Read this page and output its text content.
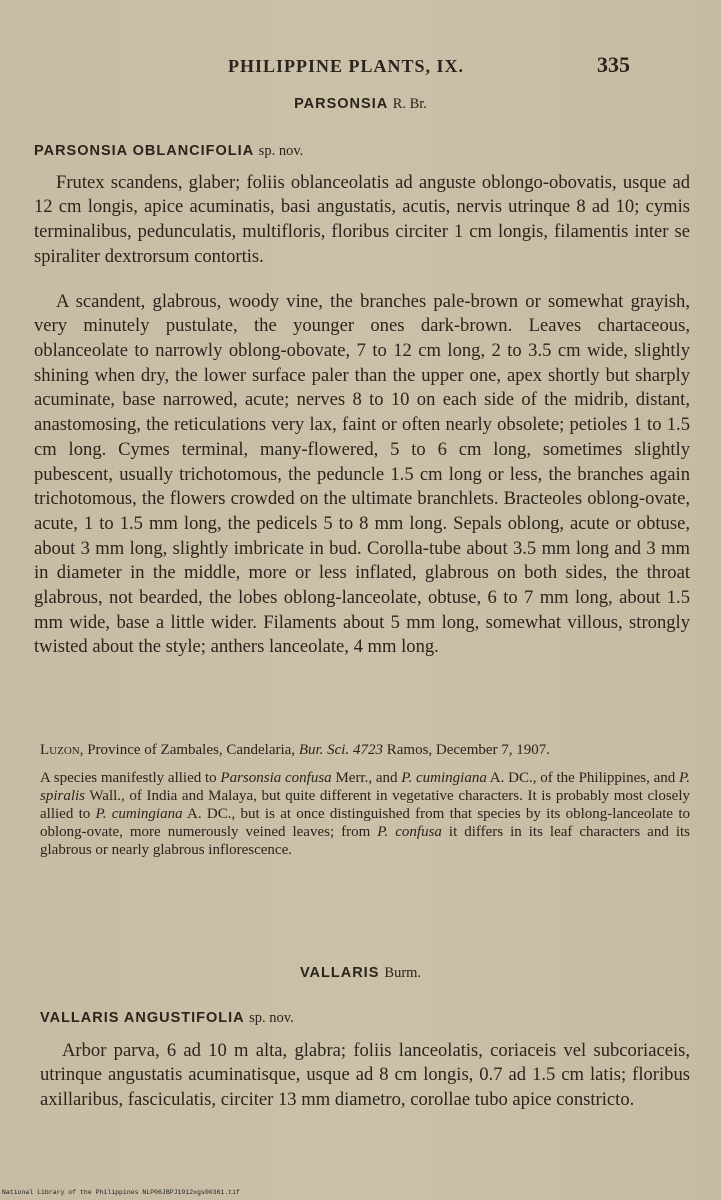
PHILIPPINE PLANTS, IX.	335
PARSONSIA R. Br.
PARSONSIA OBLANCIFOLIA sp. nov.

Frutex scandens, glaber; foliis oblanceolatis ad anguste oblongo-obovatis, usque ad 12 cm longis, apice acuminatis, basi angustatis, acutis, nervis utrinque 8 ad 10; cymis terminalibus, pedunculatis, multifloris, floribus circiter 1 cm longis, filamentis inter se spiraliter dextrorsum contortis.

A scandent, glabrous, woody vine, the branches pale-brown or somewhat grayish, very minutely pustulate, the younger ones dark-brown. Leaves chartaceous, oblanceolate to narrowly oblong-obovate, 7 to 12 cm long, 2 to 3.5 cm wide, slightly shining when dry, the lower surface paler than the upper one, apex shortly but sharply acuminate, base narrowed, acute; nerves 8 to 10 on each side of the midrib, distant, anastomosing, the reticulations very lax, faint or often nearly obsolete; petioles 1 to 1.5 cm long. Cymes terminal, many-flowered, 5 to 6 cm long, sometimes slightly pubescent, usually trichotomous, the peduncle 1.5 cm long or less, the branches again trichotomous, the flowers crowded on the ultimate branchlets. Bracteoles oblong-ovate, acute, 1 to 1.5 mm long, the pedicels 5 to 8 mm long. Sepals oblong, acute or obtuse, about 3 mm long, slightly imbricate in bud. Corolla-tube about 3.5 mm long and 3 mm in diameter in the middle, more or less inflated, glabrous on both sides, the throat glabrous, not bearded, the lobes oblong-lanceolate, obtuse, 6 to 7 mm long, about 1.5 mm wide, base a little wider. Filaments about 5 mm long, somewhat villous, strongly twisted about the style; anthers lanceolate, 4 mm long.

Luzon, Province of Zambales, Candelaria, Bur. Sci. 4723 Ramos, December 7, 1907.

A species manifestly allied to Parsonsia confusa Merr., and P. cumingiana A. DC., of the Philippines, and P. spiralis Wall., of India and Malaya, but quite different in vegetative characters. It is probably most closely allied to P. cumingiana A. DC., but is at once distinguished from that species by its oblong-lanceolate to oblong-ovate, more numerously veined leaves; from P. confusa it differs in its leaf characters and its glabrous or nearly glabrous inflorescence.

VALLARIS Burm.
VALLARIS ANGUSTIFOLIA sp. nov.

Arbor parva, 6 ad 10 m alta, glabra; foliis lanceolatis, coriaceis vel subcoriaceis, utrinque angustatis acuminatisque, usque ad 8 cm longis, 0.7 ad 1.5 cm latis; floribus axillaribus, fasciculatis, circiter 13 mm diametro, corollae tubo apice constricto.

National Library of the Philippines NLP06JBPJ1912xgs00361.tif
